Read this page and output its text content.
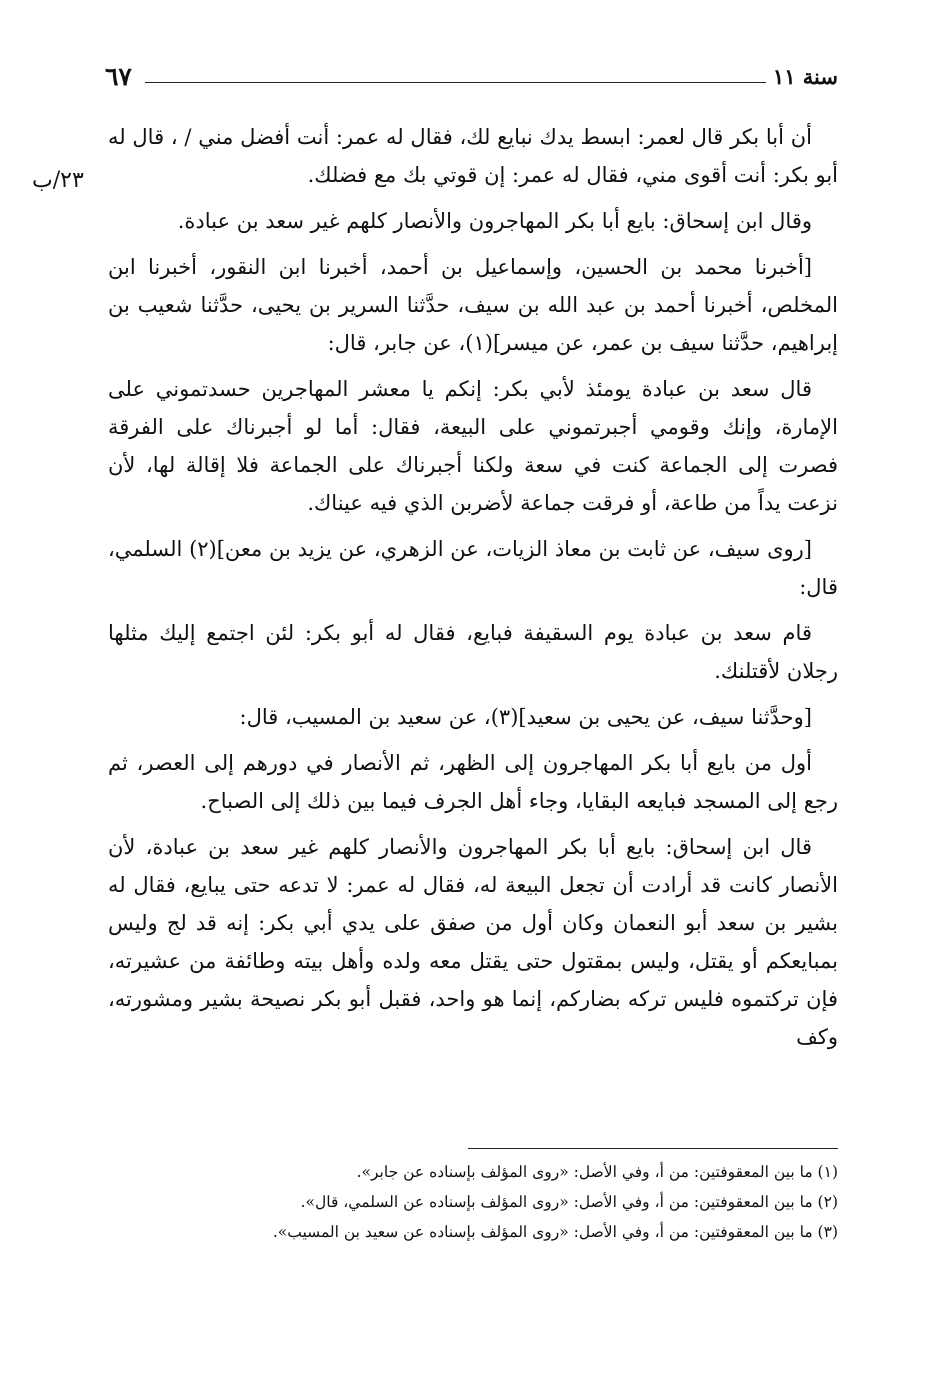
سنة ١١
٦٧
٢٣/ب

أن أبا بكر قال لعمر: ابسط يدك نبايع لك، فقال له عمر: أنت أفضل مني / ، قال له أبو بكر: أنت أقوى مني، فقال له عمر: إن قوتي بك مع فضلك.

وقال ابن إسحاق: بايع أبا بكر المهاجرون والأنصار كلهم غير سعد بن عبادة.

[أخبرنا محمد بن الحسين، وإسماعيل بن أحمد، أخبرنا ابن النقور، أخبرنا ابن المخلص، أخبرنا أحمد بن عبد الله بن سيف، حدَّثنا السرير بن يحيى، حدَّثنا شعيب بن إبراهيم، حدَّثنا سيف بن عمر، عن ميسر](١)، عن جابر، قال:

قال سعد بن عبادة يومئذ لأبي بكر: إنكم يا معشر المهاجرين حسدتموني على الإمارة، وإنك وقومي أجبرتموني على البيعة، فقال: أما لو أجبرناك على الفرقة فصرت إلى الجماعة كنت في سعة ولكنا أجبرناك على الجماعة فلا إقالة لها، لأن نزعت يداً من طاعة، أو فرقت جماعة لأضربن الذي فيه عيناك.

[روى سيف، عن ثابت بن معاذ الزيات، عن الزهري، عن يزيد بن معن](٢) السلمي، قال:

قام سعد بن عبادة يوم السقيفة فبايع، فقال له أبو بكر: لئن اجتمع إليك مثلها رجلان لأقتلنك.

[وحدَّثنا سيف، عن يحيى بن سعيد](٣)، عن سعيد بن المسيب، قال:

أول من بايع أبا بكر المهاجرون إلى الظهر، ثم الأنصار في دورهم إلى العصر، ثم رجع إلى المسجد فبايعه البقايا، وجاء أهل الجرف فيما بين ذلك إلى الصباح.

قال ابن إسحاق: بايع أبا بكر المهاجرون والأنصار كلهم غير سعد بن عبادة، لأن الأنصار كانت قد أرادت أن تجعل البيعة له، فقال له عمر: لا تدعه حتى يبايع، فقال له بشير بن سعد أبو النعمان وكان أول من صفق على يدي أبي بكر: إنه قد لج وليس بمبايعكم أو يقتل، وليس بمقتول حتى يقتل معه ولده وأهل بيته وطائفة من عشيرته، فإن تركتموه فليس تركه بضاركم، إنما هو واحد، فقبل أبو بكر نصيحة بشير ومشورته، وكف

(١) ما بين المعقوفتين: من أ، وفي الأصل: «روى المؤلف بإسناده عن جابر».

(٢) ما بين المعقوفتين: من أ، وفي الأصل: «روى المؤلف بإسناده عن السلمي، قال».

(٣) ما بين المعقوفتين: من أ، وفي الأصل: «روى المؤلف بإسناده عن سعيد بن المسيب».
